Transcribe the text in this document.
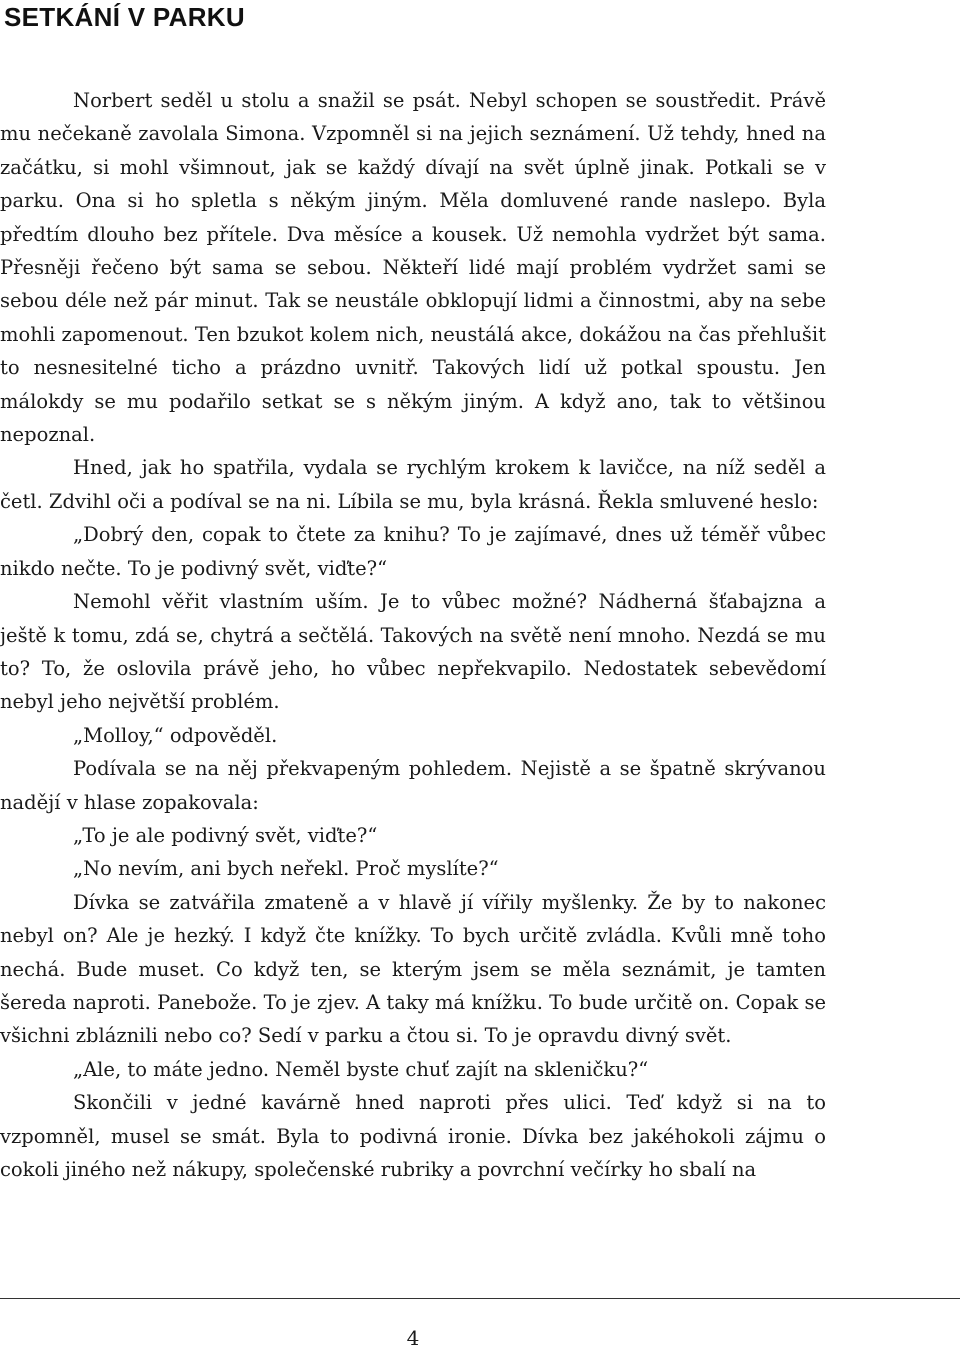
SETKÁNÍ V PARKU

Norbert seděl u stolu a snažil se psát. Nebyl schopen se soustředit. Právě mu nečekaně zavolala Simona. Vzpomněl si na jejich seznámení. Už tehdy, hned na začátku, si mohl všimnout, jak se každý dívají na svět úplně jinak. Potkali se v parku. Ona si ho spletla s někým jiným. Měla domluvené rande naslepo. Byla předtím dlouho bez přítele. Dva měsíce a kousek. Už nemohla vydržet být sama. Přesněji řečeno být sama se sebou. Někteří lidé mají problém vydržet sami se sebou déle než pár minut. Tak se neustále obklopují lidmi a činnostmi, aby na sebe mohli zapomenout. Ten bzukot kolem nich, neustálá akce, dokážou na čas přehlušit to nesnesitelné ticho a prázdno uvnitř. Takových lidí už potkal spoustu. Jen málokdy se mu podařilo setkat se s někým jiným. A když ano, tak to většinou nepoznal.

Hned, jak ho spatřila, vydala se rychlým krokem k lavičce, na níž seděl a četl. Zdvihl oči a podíval se na ni. Líbila se mu, byla krásná. Řekla smluvené heslo:

„Dobrý den, copak to čtete za knihu? To je zajímavé, dnes už téměř vůbec nikdo nečte. To je podivný svět, viďte?“

Nemohl věřit vlastním uším. Je to vůbec možné? Nádherná šťabajzna a ještě k tomu, zdá se, chytrá a sečtělá. Takových na světě není mnoho. Nezdá se mu to? To, že oslovila právě jeho, ho vůbec nepřekvapilo. Nedostatek sebevědomí nebyl jeho největší problém.

„Molloy,“ odpověděl.

Podívala se na něj překvapeným pohledem. Nejistě a se špatně skrývanou nadějí v hlase zopakovala:

„To je ale podivný svět, viďte?“

„No nevím, ani bych neřekl. Proč myslíte?“

Dívka se zatvářila zmateně a v hlavě jí vířily myšlenky. Že by to nakonec nebyl on? Ale je hezký. I když čte knížky. To bych určitě zvládla. Kvůli mně toho nechá. Bude muset. Co když ten, se kterým jsem se měla seznámit, je tamten šereda naproti. Panebože. To je zjev. A taky má knížku. To bude určitě on. Copak se všichni zbláznili nebo co? Sedí v parku a čtou si. To je opravdu divný svět.

„Ale, to máte jedno. Neměl byste chuť zajít na skleničku?“

Skončili v jedné kavárně hned naproti přes ulici. Teď když si na to vzpomněl, musel se smát. Byla to podivná ironie. Dívka bez jakéhokoli zájmu o cokoli jiného než nákupy, společenské rubriky a povrchní večírky ho sbalí na

4
